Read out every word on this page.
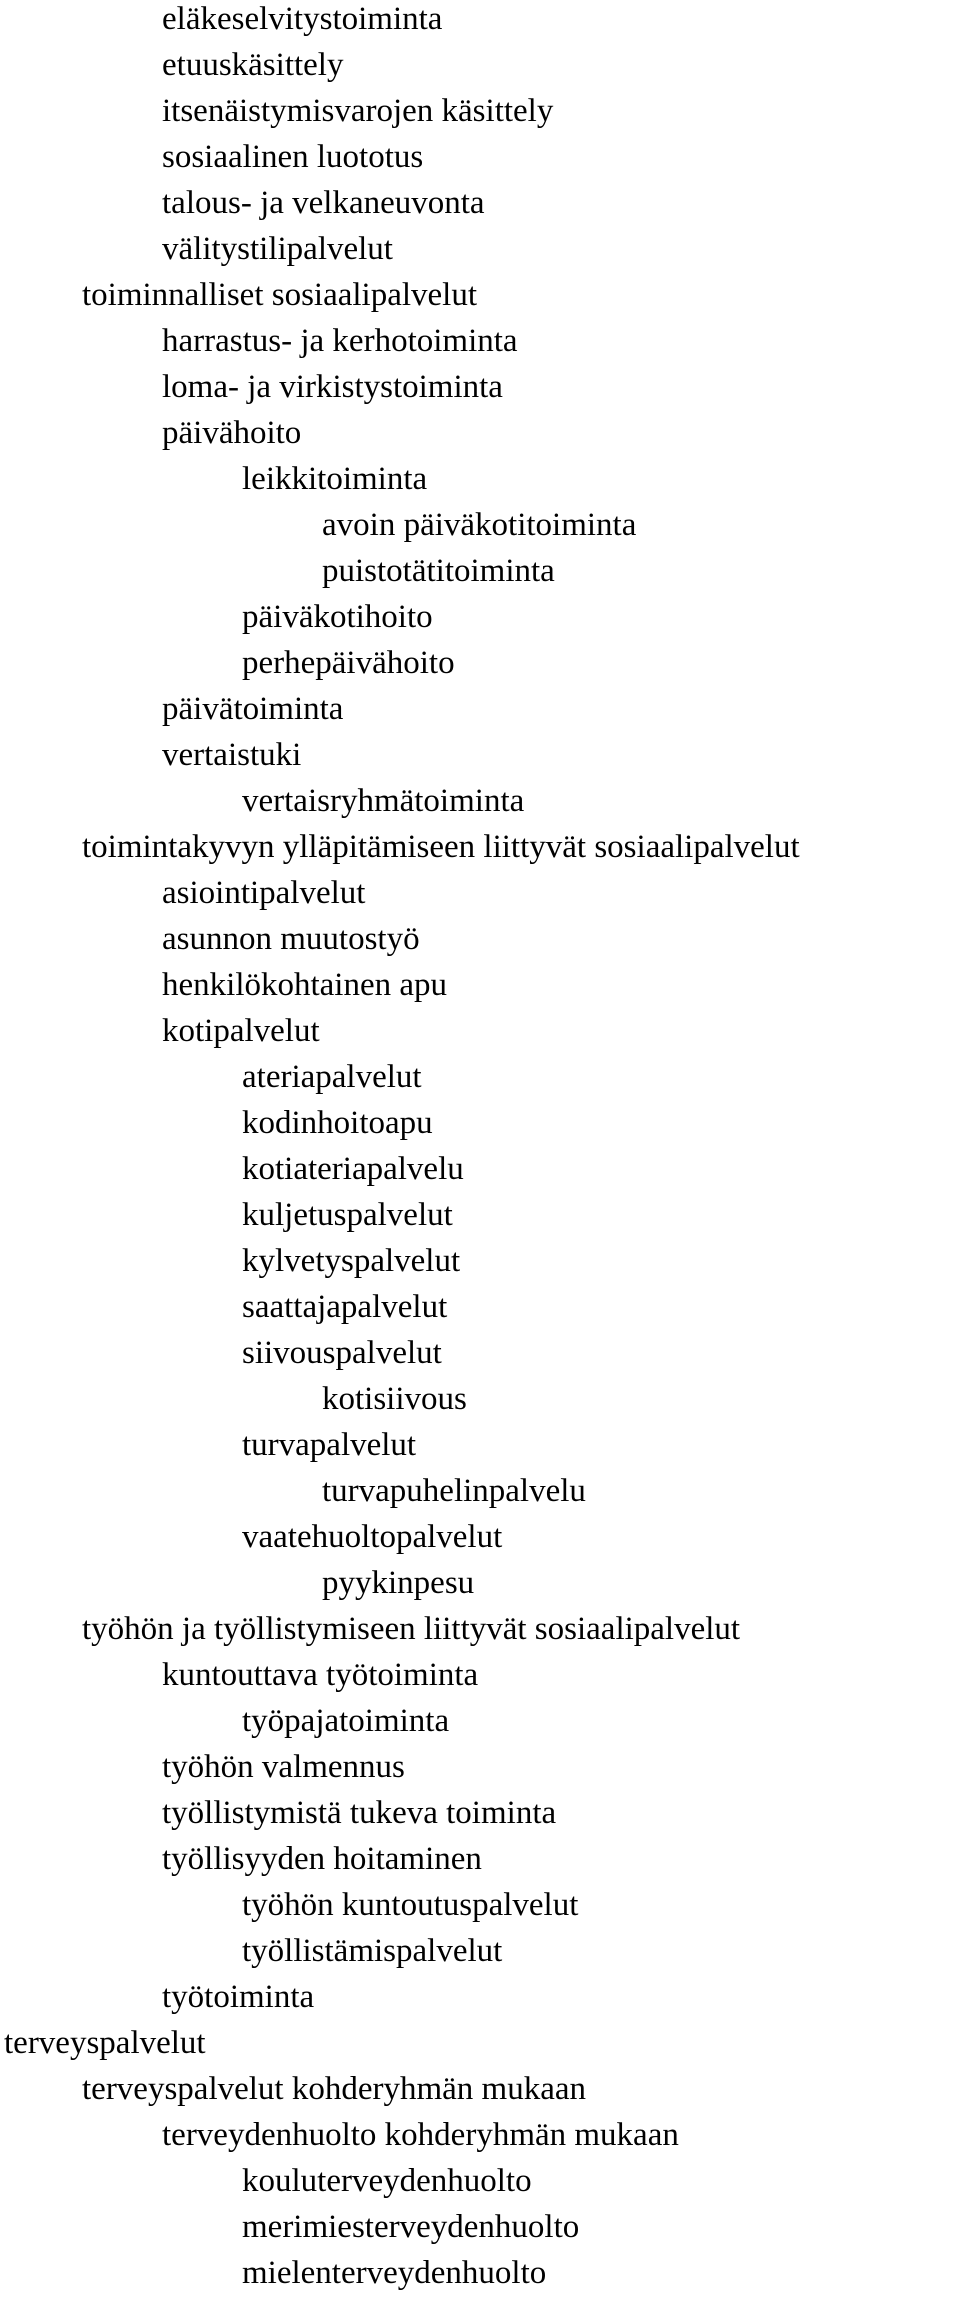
eläkeselvitystoiminta
etuuskäsittely
itsenäistymisvarojen käsittely
sosiaalinen luototus
talous- ja velkaneuvonta
välitystilipalvelut
toiminnalliset sosiaalipalvelut
harrastus- ja kerhotoiminta
loma- ja virkistystoiminta
päivähoito
leikkitoiminta
avoin päiväkotitoiminta
puistotätitoiminta
päiväkotihoito
perhepäivähoito
päivätoiminta
vertaistuki
vertaisryhmätoiminta
toimintakyvyn ylläpitämiseen liittyvät sosiaalipalvelut
asiointipalvelut
asunnon muutostyö
henkilökohtainen apu
kotipalvelut
ateriapalvelut
kodinhoitoapu
kotiateriapalvelu
kuljetuspalvelut
kylvetyspalvelut
saattajapalvelut
siivouspalvelut
kotisiivous
turvapalvelut
turvapuhelinpalvelu
vaatehuoltopalvelut
pyykinpesu
työhön ja työllistymiseen liittyvät sosiaalipalvelut
kuntouttava työtoiminta
työpajatoiminta
työhön valmennus
työllistymistä tukeva toiminta
työllisyyden hoitaminen
työhön kuntoutuspalvelut
työllistämispalvelut
työtoiminta
terveyspalvelut
terveyspalvelut kohderyhmän mukaan
terveydenhuolto kohderyhmän mukaan
kouluterveydenhuolto
merimiesterveydenhuolto
mielenterveydenhuolto
